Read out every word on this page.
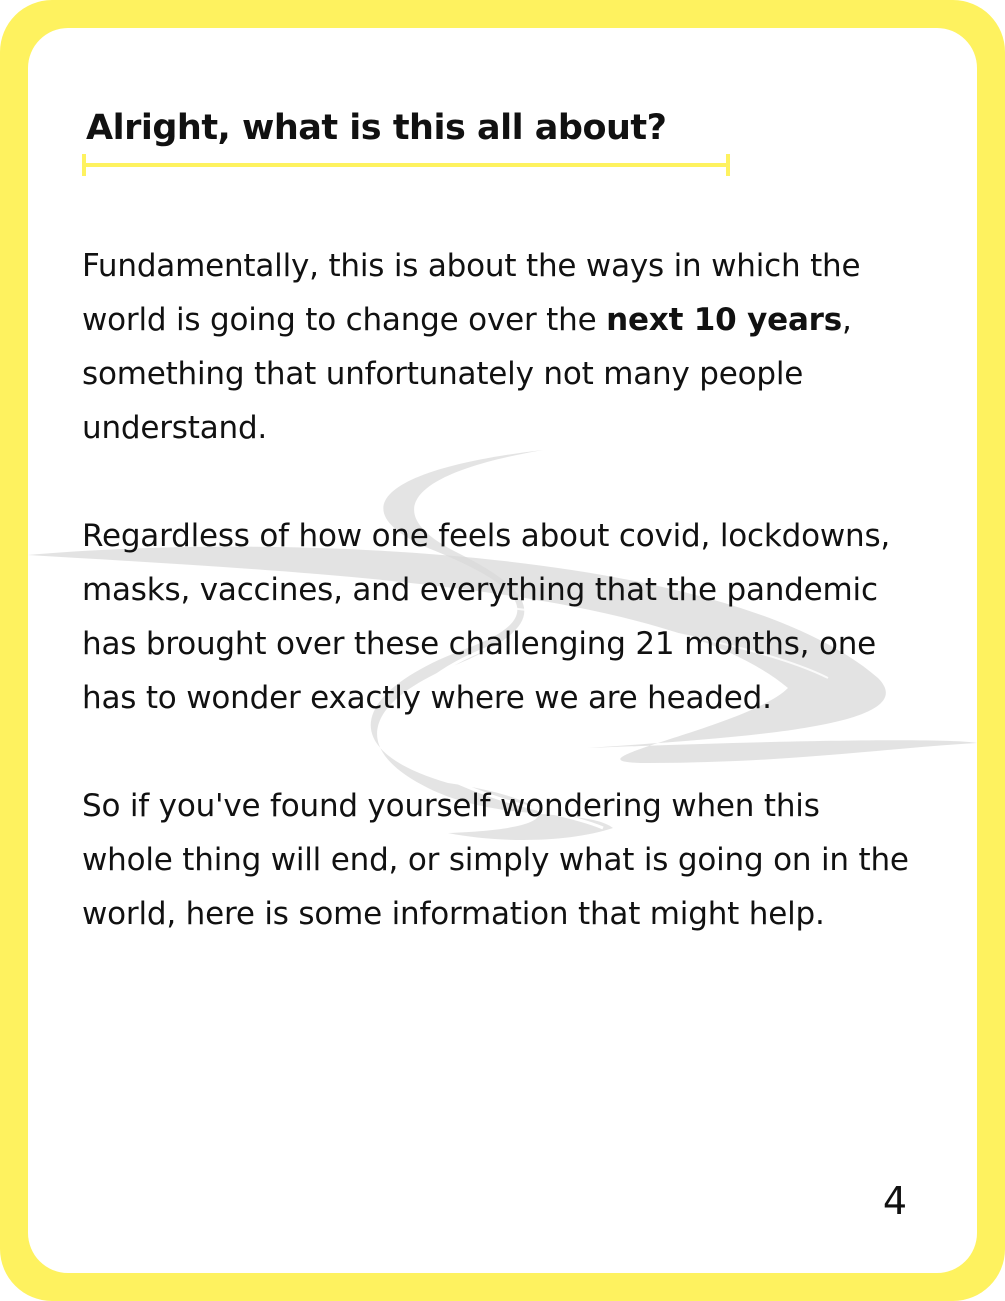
Alright, what is this all about?

Fundamentally, this is about the ways in which the world is going to change over the next 10 years, something that unfortunately not many people understand.

Regardless of how one feels about covid, lockdowns, masks, vaccines, and everything that the pandemic has brought over these challenging 21 months, one has to wonder exactly where we are headed.

So if you've found yourself wondering when this whole thing will end, or simply what is going on in the world, here is some information that might help.

4
